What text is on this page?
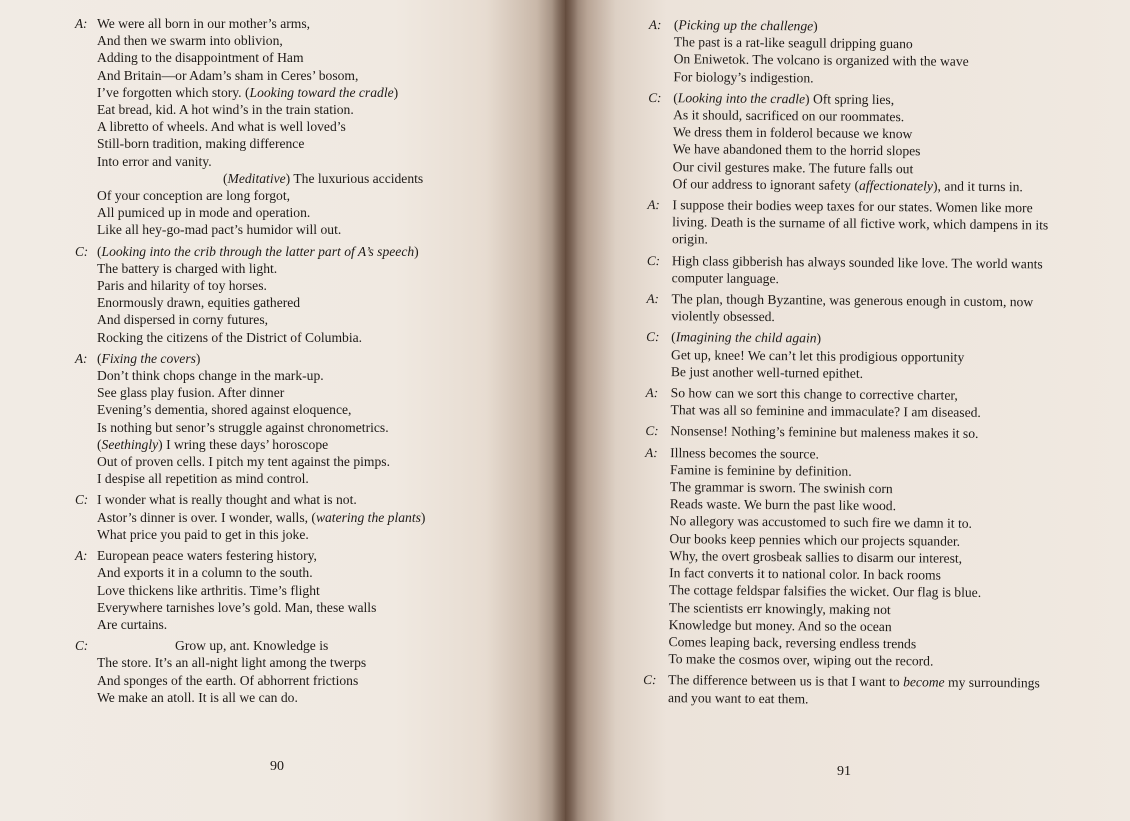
A: We were all born in our mother’s arms,
And then we swarm into oblivion,
Adding to the disappointment of Ham
And Britain—or Adam’s sham in Ceres’ bosom,
I’ve forgotten which story. (Looking toward the cradle)
Eat bread, kid. A hot wind’s in the train station.
A libretto of wheels. And what is well loved’s
Still-born tradition, making difference
Into error and vanity.
(Meditative) The luxurious accidents
Of your conception are long forgot,
All pumiced up in mode and operation.
Like all hey-go-mad pact’s humidor will out.
C: (Looking into the crib through the latter part of A’s speech)
The battery is charged with light.
Paris and hilarity of toy horses.
Enormously drawn, equities gathered
And dispersed in corny futures,
Rocking the citizens of the District of Columbia.
A: (Fixing the covers)
Don’t think chops change in the mark-up.
See glass play fusion. After dinner
Evening’s dementia, shored against eloquence,
Is nothing but senor’s struggle against chronometrics.
(Seethingly) I wring these days’ horoscope
Out of proven cells. I pitch my tent against the pimps.
I despise all repetition as mind control.
C: I wonder what is really thought and what is not.
Astor’s dinner is over. I wonder, walls, (watering the plants)
What price you paid to get in this joke.
A: European peace waters festering history,
And exports it in a column to the south.
Love thickens like arthritis. Time’s flight
Everywhere tarnishes love’s gold. Man, these walls
Are curtains.
C:	Grow up, ant. Knowledge is
The store. It’s an all-night light among the twerps
And sponges of the earth. Of abhorrent frictions
We make an atoll. It is all we can do.
90
A: (Picking up the challenge)
The past is a rat-like seagull dripping guano
On Eniwetok. The volcano is organized with the wave
For biology’s indigestion.
C: (Looking into the cradle) Oft spring lies,
As it should, sacrificed on our roommates.
We dress them in folderol because we know
We have abandoned them to the horrid slopes
Our civil gestures make. The future falls out
Of our address to ignorant safety (affectionately), and it turns in.
A: I suppose their bodies weep taxes for our states. Women like more
living. Death is the surname of all fictive work, which dampens in its
origin.
C: High class gibberish has always sounded like love. The world wants
computer language.
A: The plan, though Byzantine, was generous enough in custom, now
violently obsessed.
C: (Imagining the child again)
Get up, knee! We can’t let this prodigious opportunity
Be just another well-turned epithet.
A: So how can we sort this change to corrective charter,
That was all so feminine and immaculate? I am diseased.
C: Nonsense! Nothing’s feminine but maleness makes it so.
A: Illness becomes the source.
Famine is feminine by definition.
The grammar is sworn. The swinish corn
Reads waste. We burn the past like wood.
No allegory was accustomed to such fire we damn it to.
Our books keep pennies which our projects squander.
Why, the overt grosbeak sallies to disarm our interest,
In fact converts it to national color. In back rooms
The cottage feldspar falsifies the wicket. Our flag is blue.
The scientists err knowingly, making not
Knowledge but money. And so the ocean
Comes leaping back, reversing endless trends
To make the cosmos over, wiping out the record.
C: The difference between us is that I want to become my surroundings
and you want to eat them.
91
